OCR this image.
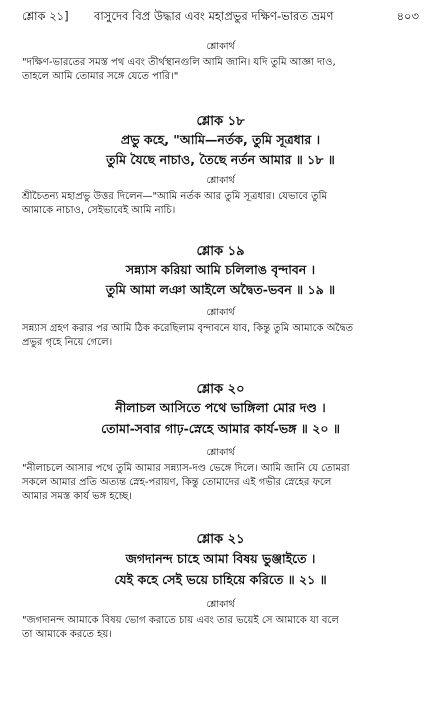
শ্লোক ২১] বাসুদেব বিপ্র উদ্ধার এবং মহাপ্রভুর দক্ষিণ-ভারত ভ্রমণ	৪০৩
শ্লোকার্থ
"দক্ষিণ-ভারতের সমস্ত পথ এবং তীর্থস্থানগুলি আমি জানি। যদি তুমি আজ্ঞা দাও,
তাহলে আমি তোমার সঙ্গে যেতে পারি।"
শ্লোক ১৮
প্রভু কহে, "আমি—নর্তক, তুমি সূত্রধার ।
তুমি যৈছে নাচাও, তৈছে নর্তন আমার ॥ ১৮ ॥
শ্লোকার্থ
শ্রীচৈতন্য মহাপ্রভু উত্তর দিলেন—"আমি নর্তক আর তুমি সূত্রধার। যেভাবে তুমি
আমাকে নাচাও, সেইভাবেই আমি নাচি।
শ্লোক ১৯
সন্ন্যাস করিয়া আমি চলিলাঙ বৃন্দাবন ।
তুমি আমা লঞা আইলে অদ্বৈত-ভবন ॥ ১৯ ॥
শ্লোকার্থ
সন্ন্যাস গ্রহণ করার পর আমি ঠিক করেছিলাম বৃন্দাবনে যাব, কিন্তু তুমি আমাকে অদ্বৈত
প্রভুর গৃহে নিয়ে গেলে।
শ্লোক ২০
নীলাচল আসিতে পথে ভাঙ্গিলা মোর দণ্ড ।
তোমা-সবার গাঢ়-স্নেহে আমার কার্য-ভঙ্গ ॥ ২০ ॥
শ্লোকার্থ
"নীলাচলে আসার পথে তুমি আমার সন্ন্যাস-দণ্ড ভেঙ্গে দিলে। আমি জানি যে তোমরা
সকলে আমার প্রতি অত্যন্ত স্নেহ-পরায়ণ, কিন্তু তোমাদের এই গভীর স্নেহের ফলে
আমার সমস্ত কার্য ভঙ্গ হচ্ছে।
শ্লোক ২১
জগদানন্দ চাহে আমা বিষয় ভুঞ্জাইতে ।
যেই কহে সেই ভয়ে চাহিয়ে করিতে ॥ ২১ ॥
শ্লোকার্থ
"জগদানন্দ আমাকে বিষয় ভোগ করাতে চায় এবং তার ভয়েই সে আমাকে যা বলে
তা আমাকে করতে হয়।
